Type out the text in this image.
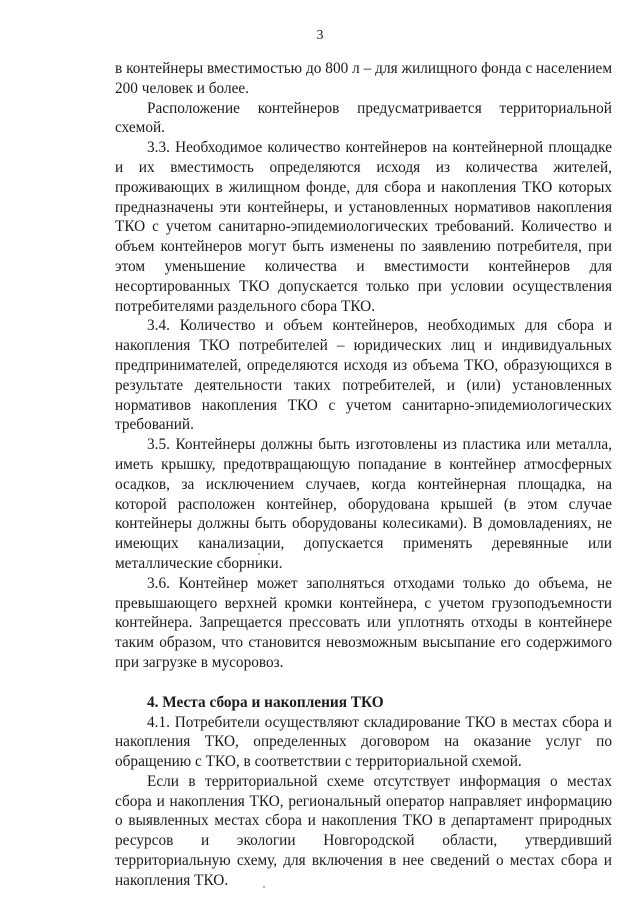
3

в контейнеры вместимостью до 800 л – для жилищного фонда с населением 200 человек и более.

Расположение контейнеров предусматривается территориальной схемой.

3.3. Необходимое количество контейнеров на контейнерной площадке и их вместимость определяются исходя из количества жителей, проживающих в жилищном фонде, для сбора и накопления ТКО которых предназначены эти контейнеры, и установленных нормативов накопления ТКО с учетом санитарно-эпидемиологических требований. Количество и объем контейнеров могут быть изменены по заявлению потребителя, при этом уменьшение количества и вместимости контейнеров для несортированных ТКО допускается только при условии осуществления потребителями раздельного сбора ТКО.

3.4. Количество и объем контейнеров, необходимых для сбора и накопления ТКО потребителей – юридических лиц и индивидуальных предпринимателей, определяются исходя из объема ТКО, образующихся в результате деятельности таких потребителей, и (или) установленных нормативов накопления ТКО с учетом санитарно-эпидемиологических требований.

3.5. Контейнеры должны быть изготовлены из пластика или металла, иметь крышку, предотвращающую попадание в контейнер атмосферных осадков, за исключением случаев, когда контейнерная площадка, на которой расположен контейнер, оборудована крышей (в этом случае контейнеры должны быть оборудованы колесиками). В домовладениях, не имеющих канализации, допускается применять деревянные или металлические сборники.

3.6. Контейнер может заполняться отходами только до объема, не превышающего верхней кромки контейнера, с учетом грузоподъемности контейнера. Запрещается прессовать или уплотнять отходы в контейнере таким образом, что становится невозможным высыпание его содержимого при загрузке в мусоровоз.

4. Места сбора и накопления ТКО

4.1. Потребители осуществляют складирование ТКО в местах сбора и накопления ТКО, определенных договором на оказание услуг по обращению с ТКО, в соответствии с территориальной схемой.

Если в территориальной схеме отсутствует информация о местах сбора и накопления ТКО, региональный оператор направляет информацию о выявленных местах сбора и накопления ТКО в департамент природных ресурсов и экологии Новгородской области, утвердивший территориальную схему, для включения в нее сведений о местах сбора и накопления ТКО.
